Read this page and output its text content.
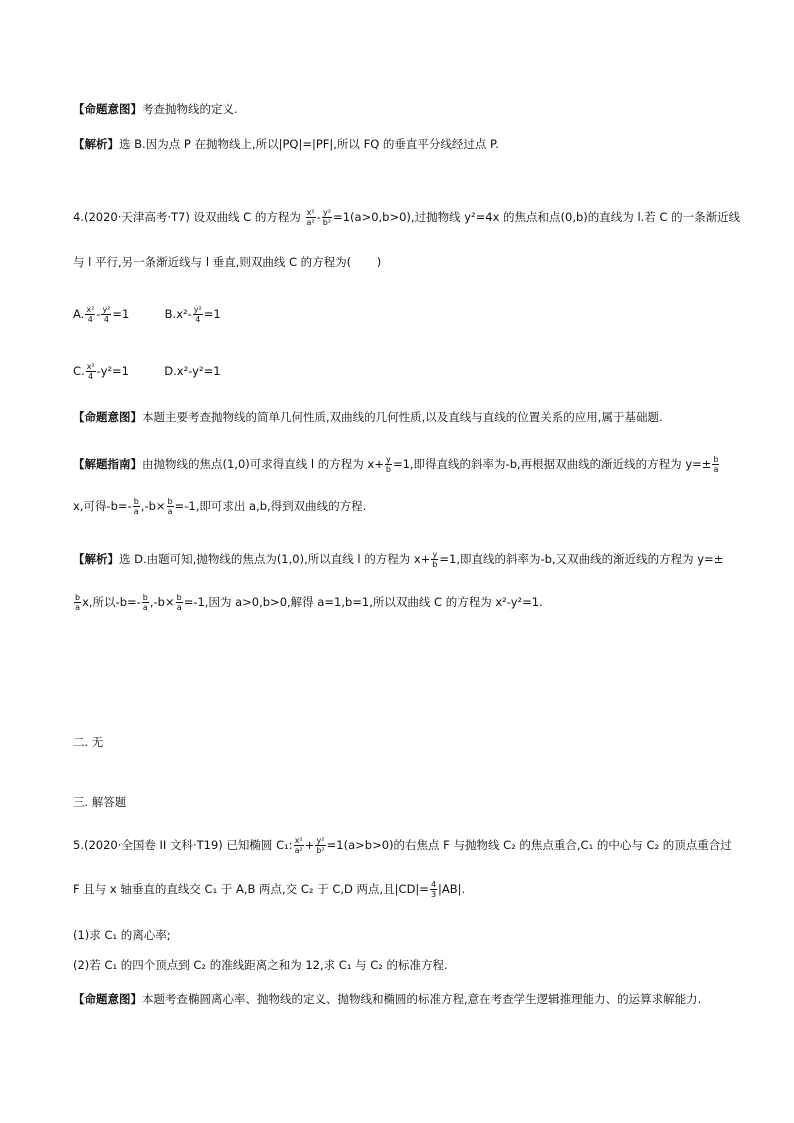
【命题意图】考查抛物线的定义.
【解析】选 B.因为点 P 在抛物线上,所以|PQ|=|PF|,所以 FQ 的垂直平分线经过点 P.
4.(2020·天津高考·T7) 设双曲线 C 的方程为 $\frac{\text{x²}}{\text{a²}} - \frac{\text{y²}}{\text{b²}} =1(a>0,b>0)$,过抛物线 y²=4x 的焦点和点(0,b)的直线为 l.若 C 的一条渐近线
与 l 平行,另一条渐近线与 l 垂直,则双曲线 C 的方程为(       )
A. $\frac{\text{x²}}{4} - \frac{\text{y²}}{4} =1$	$B.x^2- \frac{\text{y²}}{4} =1$
C. $\frac{\text{x²}}{4} -y^2=1$	D.x²-y²=1
【命题意图】本题主要考查抛物线的简单几何性质,双曲线的几何性质,以及直线与直线的位置关系的应用,属于基础题.
【解题指南】由抛物线的焦点(1,0)可求得直线 l 的方程为 $x+ \frac{y}{b} =1$,即得直线的斜率为-b,再根据双曲线的渐近线的方程为 $y=\pm \frac{b}{a}$
x,可得$-b=- \frac{b}{a} ,-b\times \frac{b}{a} =-1$,即可求出 a,b,得到双曲线的方程.
【解析】选 D.由题可知,抛物线的焦点为(1,0),所以直线 l 的方程为 $x+ \frac{y}{b} =1$,即直线的斜率为-b,又双曲线的渐近线的方程为 y=±
$\frac{b}{a} x$,所以$-b=- \frac{b}{a} ,-b\times \frac{b}{a} =-1$,因为 a>0,b>0,解得 a=1,b=1,所以双曲线 C 的方程为 x²-y²=1.
二. 无
三. 解答题
5.(2020·全国卷 II 文科·T19) 已知椭圆 C₁: $\frac{\text{x²}}{\text{a²}} + \frac{\text{y²}}{\text{b²}} =1(a>b>0)$的右焦点 F 与抛物线 C₂ 的焦点重合,C₁ 的中心与 C₂ 的顶点重合过
F 且与 x 轴垂直的直线交 C₁ 于 A,B 两点,交 C₂ 于 C,D 两点,且$|CD|= \frac{4}{3} |AB|$.
(1)求 C₁ 的离心率;
(2)若 C₁ 的四个顶点到 C₂ 的准线距离之和为 12,求 C₁ 与 C₂ 的标准方程.
【命题意图】本题考查椭圆离心率、抛物线的定义、抛物线和椭圆的标准方程,意在考查学生逻辑推理能力、的运算求解能力.
